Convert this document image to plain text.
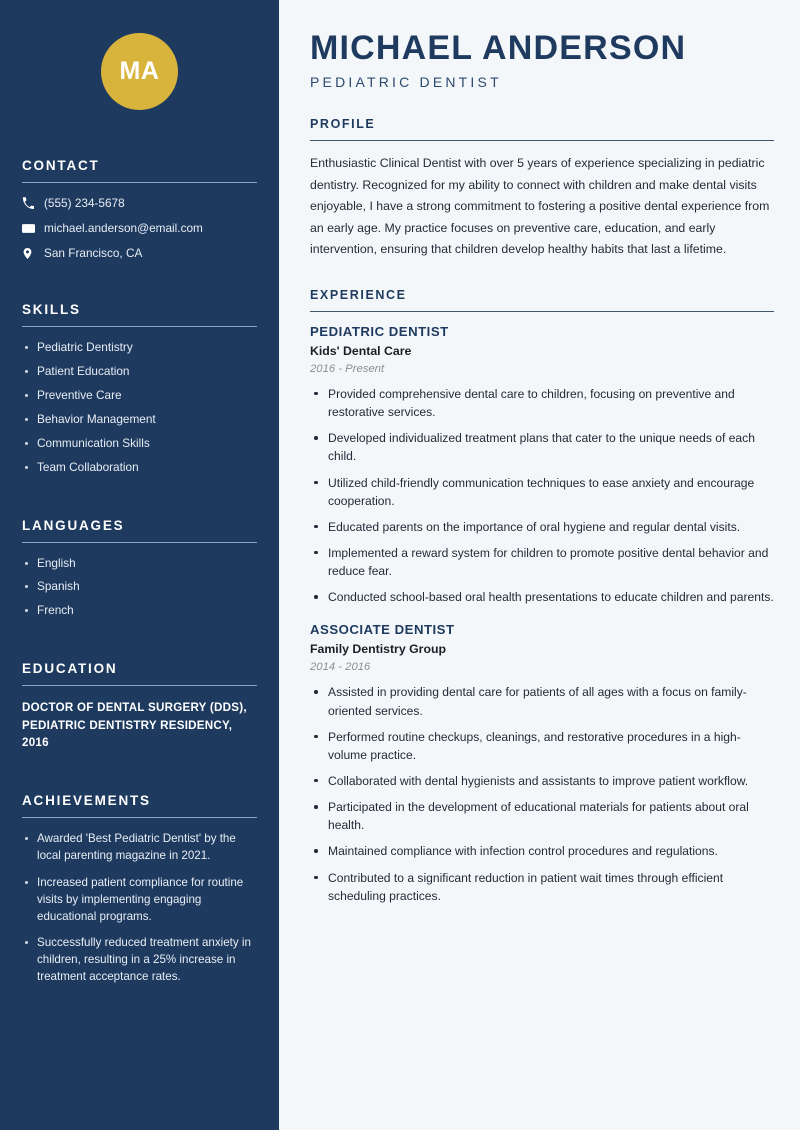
MA
CONTACT
(555) 234-5678
michael.anderson@email.com
San Francisco, CA
SKILLS
Pediatric Dentistry
Patient Education
Preventive Care
Behavior Management
Communication Skills
Team Collaboration
LANGUAGES
English
Spanish
French
EDUCATION
DOCTOR OF DENTAL SURGERY (DDS), PEDIATRIC DENTISTRY RESIDENCY, 2016
ACHIEVEMENTS
Awarded 'Best Pediatric Dentist' by the local parenting magazine in 2021.
Increased patient compliance for routine visits by implementing engaging educational programs.
Successfully reduced treatment anxiety in children, resulting in a 25% increase in treatment acceptance rates.
MICHAEL ANDERSON
PEDIATRIC DENTIST
PROFILE

Enthusiastic Clinical Dentist with over 5 years of experience specializing in pediatric dentistry. Recognized for my ability to connect with children and make dental visits enjoyable, I have a strong commitment to fostering a positive dental experience from an early age. My practice focuses on preventive care, education, and early intervention, ensuring that children develop healthy habits that last a lifetime.

EXPERIENCE
PEDIATRIC DENTIST
Kids' Dental Care
2016 - Present
Provided comprehensive dental care to children, focusing on preventive and restorative services.
Developed individualized treatment plans that cater to the unique needs of each child.
Utilized child-friendly communication techniques to ease anxiety and encourage cooperation.
Educated parents on the importance of oral hygiene and regular dental visits.
Implemented a reward system for children to promote positive dental behavior and reduce fear.
Conducted school-based oral health presentations to educate children and parents.
ASSOCIATE DENTIST
Family Dentistry Group
2014 - 2016
Assisted in providing dental care for patients of all ages with a focus on family-oriented services.
Performed routine checkups, cleanings, and restorative procedures in a high-volume practice.
Collaborated with dental hygienists and assistants to improve patient workflow.
Participated in the development of educational materials for patients about oral health.
Maintained compliance with infection control procedures and regulations.
Contributed to a significant reduction in patient wait times through efficient scheduling practices.
